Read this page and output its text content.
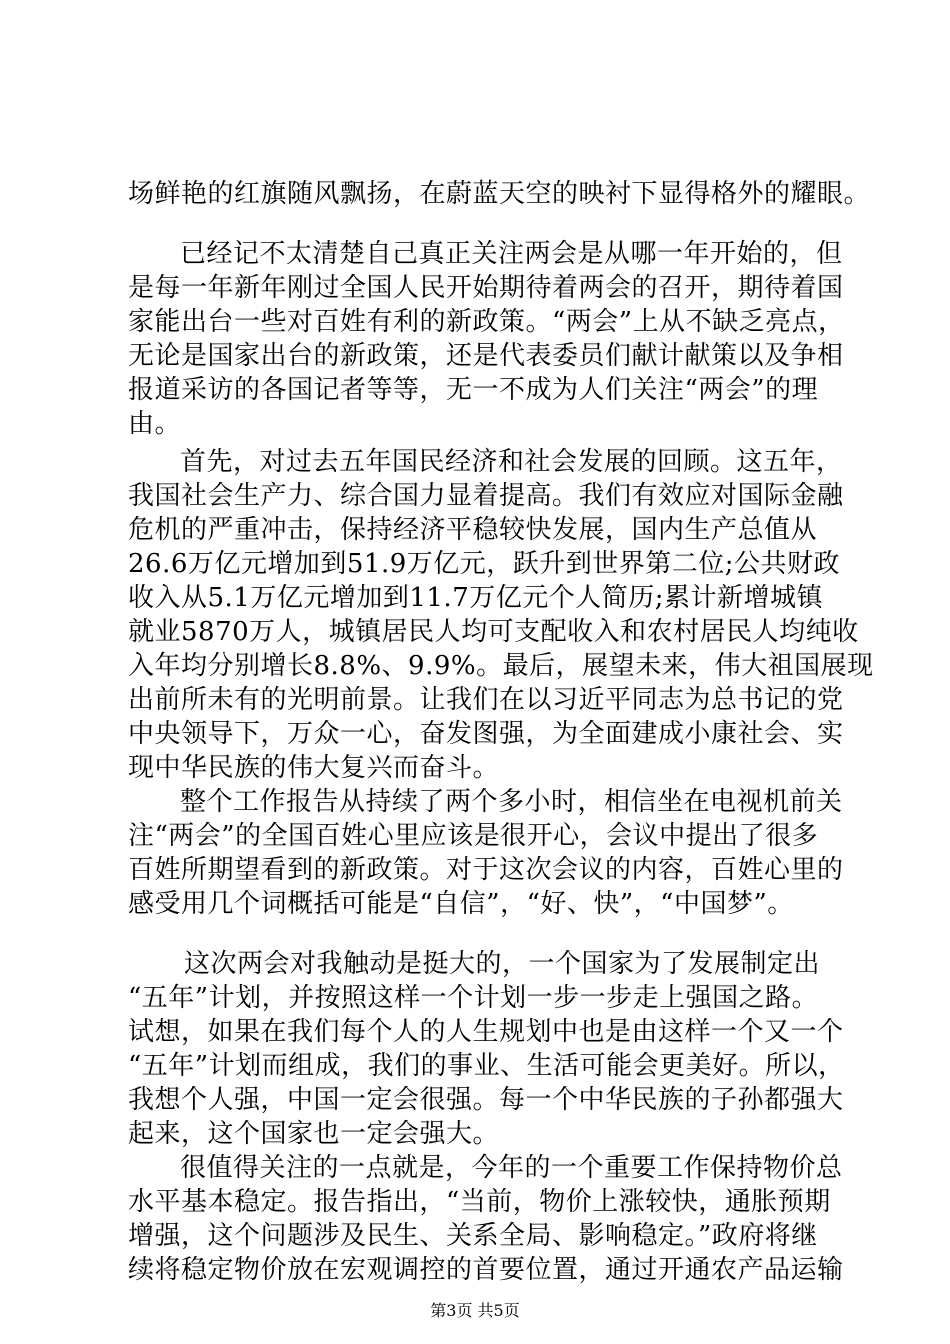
场鲜艳的红旗随风飘扬，在蔚蓝天空的映衬下显得格外的耀眼。
已经记不太清楚自己真正关注两会是从哪一年开始的，但
是每一年新年刚过全国人民开始期待着两会的召开，期待着国
家能出台一些对百姓有利的新政策。“两会”上从不缺乏亮点，
无论是国家出台的新政策，还是代表委员们献计献策以及争相
报道采访的各国记者等等，无一不成为人们关注“两会”的理
由。
首先，对过去五年国民经济和社会发展的回顾。这五年，
我国社会生产力、综合国力显着提高。我们有效应对国际金融
危机的严重冲击，保持经济平稳较快发展，国内生产总值从
26.6万亿元增加到51.9万亿元，跃升到世界第二位;公共财政
收入从5.1万亿元增加到11.7万亿元个人简历;累计新增城镇
就业5870万人，城镇居民人均可支配收入和农村居民人均纯收
入年均分别增长8.8%、9.9%。最后，展望未来，伟大祖国展现
出前所未有的光明前景。让我们在以习近平同志为总书记的党
中央领导下，万众一心，奋发图强，为全面建成小康社会、实
现中华民族的伟大复兴而奋斗。
整个工作报告从持续了两个多小时，相信坐在电视机前关
注“两会”的全国百姓心里应该是很开心，会议中提出了很多
百姓所期望看到的新政策。对于这次会议的内容，百姓心里的
感受用几个词概括可能是“自信”，“好、快”，“中国梦”。
这次两会对我触动是挺大的，一个国家为了发展制定出
“五年”计划，并按照这样一个计划一步一步走上强国之路。
试想，如果在我们每个人的人生规划中也是由这样一个又一个
“五年”计划而组成，我们的事业、生活可能会更美好。所以，
我想个人强，中国一定会很强。每一个中华民族的子孙都强大
起来，这个国家也一定会强大。
很值得关注的一点就是，今年的一个重要工作保持物价总
水平基本稳定。报告指出，“当前，物价上涨较快，通胀预期
增强，这个问题涉及民生、关系全局、影响稳定。”政府将继
续将稳定物价放在宏观调控的首要位置，通过开通农产品运输
第3页 共5页
